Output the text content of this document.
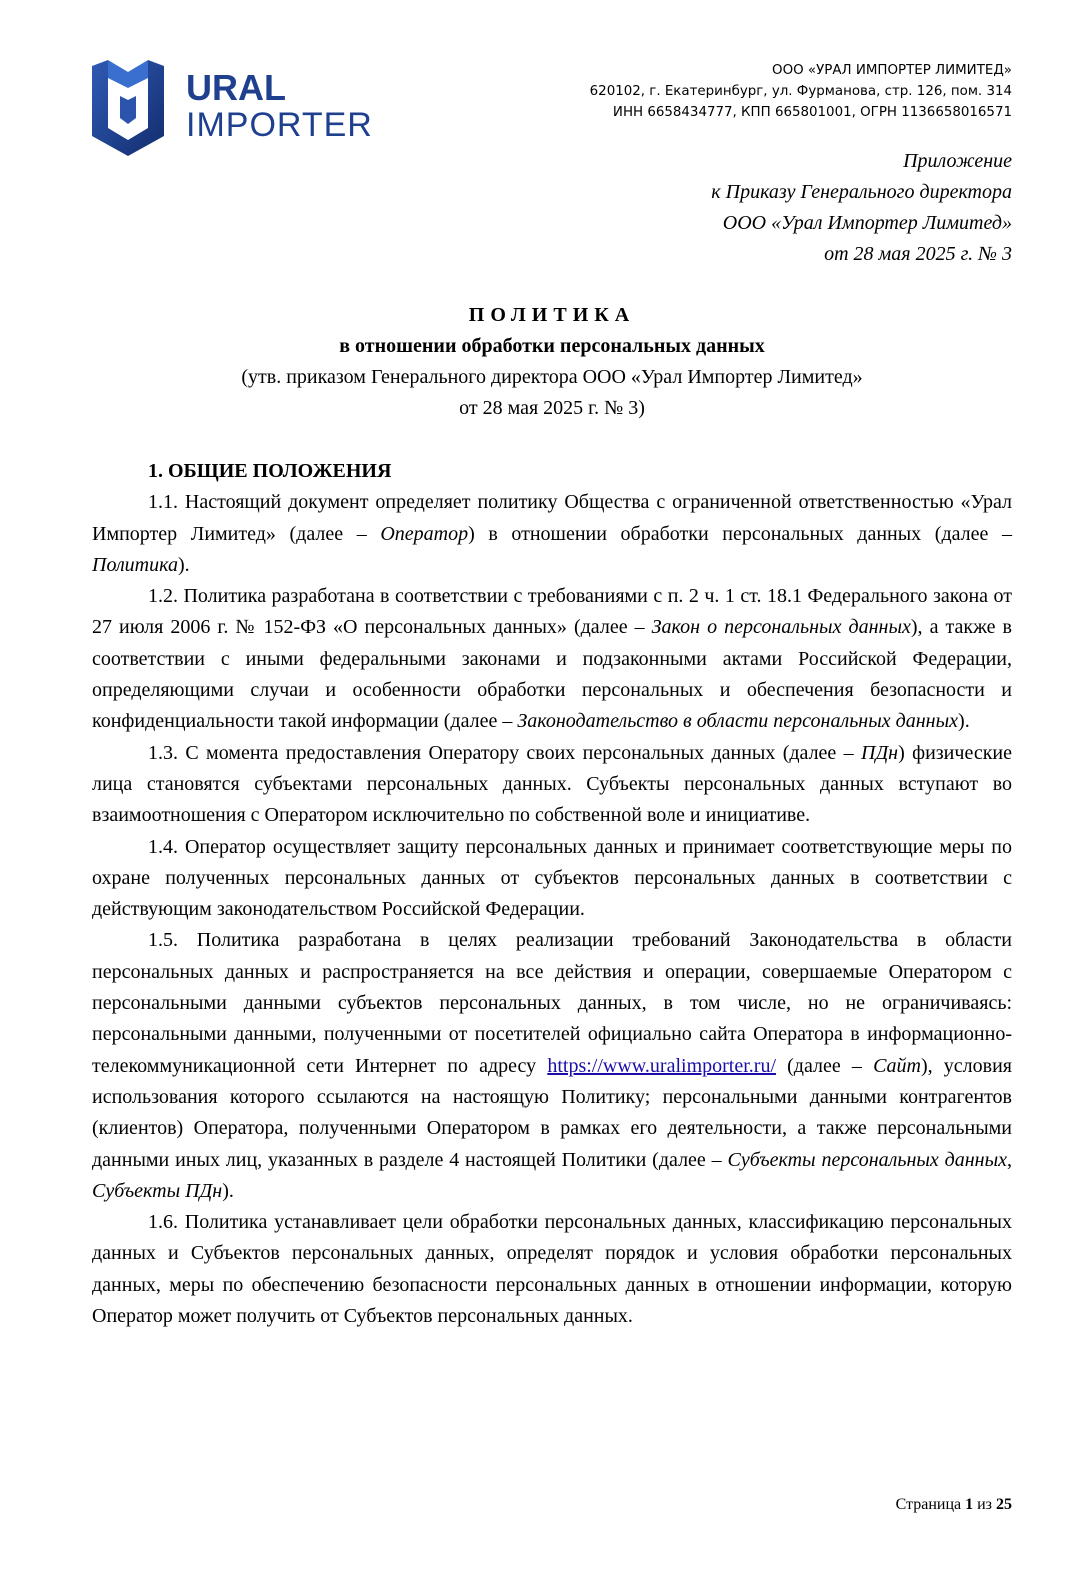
URAL
IMPORTER
ООО «УРАЛ ИМПОРТЕР ЛИМИТЕД»
620102, г. Екатеринбург, ул. Фурманова, стр. 126, пом. 314
ИНН 6658434777, КПП 665801001, ОГРН 1136658016571
Приложение
к Приказу Генерального директора
ООО «Урал Импортер Лимитед»
от 28 мая 2025 г. № 3
ПОЛИТИКА
в отношении обработки персональных данных
(утв. приказом Генерального директора ООО «Урал Импортер Лимитед»
от 28 мая 2025 г. № 3)

1. ОБЩИЕ ПОЛОЖЕНИЯ

1.1. Настоящий документ определяет политику Общества с ограниченной ответственностью «Урал Импортер Лимитед» (далее – Оператор) в отношении обработки персональных данных (далее – Политика).

1.2. Политика разработана в соответствии с требованиями с п. 2 ч. 1 ст. 18.1 Федерального закона от 27 июля 2006 г. № 152-ФЗ «О персональных данных» (далее – Закон о персональных данных), а также в соответствии с иными федеральными законами и подзаконными актами Российской Федерации, определяющими случаи и особенности обработки персональных и обеспечения безопасности и конфиденциальности такой информации (далее – Законодательство в области персональных данных).

1.3. С момента предоставления Оператору своих персональных данных (далее – ПДн) физические лица становятся субъектами персональных данных. Субъекты персональных данных вступают во взаимоотношения с Оператором исключительно по собственной воле и инициативе.

1.4. Оператор осуществляет защиту персональных данных и принимает соответствующие меры по охране полученных персональных данных от субъектов персональных данных в соответствии с действующим законодательством Российской Федерации.

1.5. Политика разработана в целях реализации требований Законодательства в области персональных данных и распространяется на все действия и операции, совершаемые Оператором с персональными данными субъектов персональных данных, в том числе, но не ограничиваясь: персональными данными, полученными от посетителей официально сайта Оператора в информационно-телекоммуникационной сети Интернет по адресу https://www.uralimporter.ru/ (далее – Сайт), условия использования которого ссылаются на настоящую Политику; персональными данными контрагентов (клиентов) Оператора, полученными Оператором в рамках его деятельности, а также персональными данными иных лиц, указанных в разделе 4 настоящей Политики (далее – Субъекты персональных данных, Субъекты ПДн).

1.6. Политика устанавливает цели обработки персональных данных, классификацию персональных данных и Субъектов персональных данных, определят порядок и условия обработки персональных данных, меры по обеспечению безопасности персональных данных в отношении информации, которую Оператор может получить от Субъектов персональных данных.

Страница 1 из 25
